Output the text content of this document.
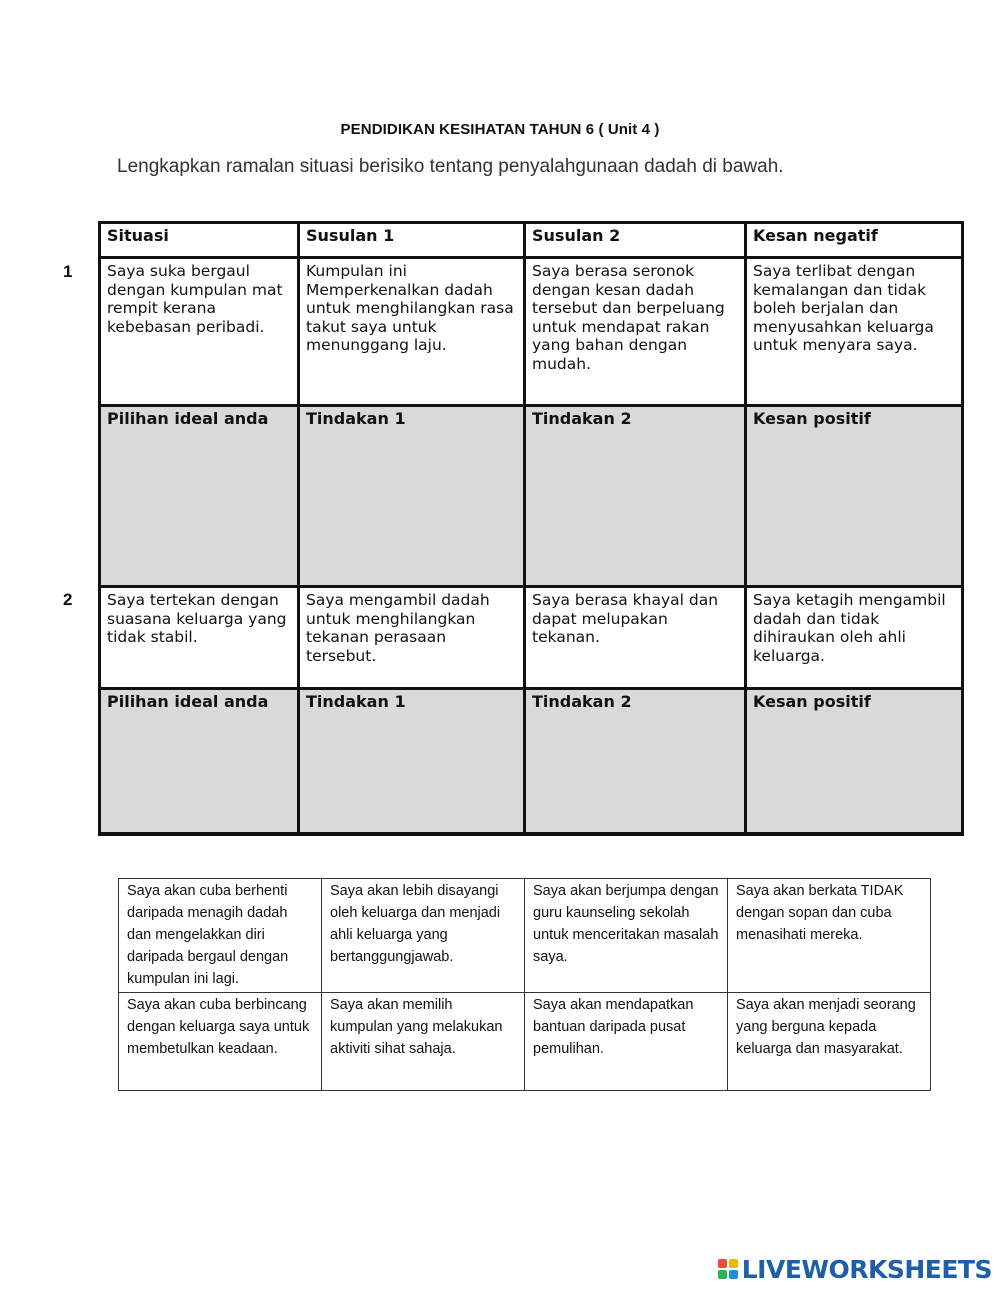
PENDIDIKAN KESIHATAN TAHUN 6 ( Unit 4 )
Lengkapkan ramalan situasi berisiko tentang penyalahgunaan dadah di bawah.
1
2
Situasi	Susulan 1	Susulan 2	Kesan negatif
Saya suka bergaul dengan kumpulan mat rempit kerana kebebasan peribadi.	Kumpulan ini Memperkenalkan dadah untuk menghilangkan rasa takut saya untuk menunggang laju.	Saya berasa seronok dengan kesan dadah tersebut dan berpeluang untuk mendapat rakan yang bahan dengan mudah.	Saya terlibat dengan kemalangan dan tidak boleh berjalan dan menyusahkan keluarga untuk menyara saya.
Pilihan ideal anda	Tindakan 1	Tindakan 2	Kesan positif
Saya tertekan dengan suasana keluarga yang tidak stabil.	Saya mengambil dadah untuk menghilangkan tekanan perasaan tersebut.	Saya berasa khayal dan dapat melupakan tekanan.	Saya ketagih mengambil dadah dan tidak dihiraukan oleh ahli keluarga.
Pilihan ideal anda	Tindakan 1	Tindakan 2	Kesan positif
Saya akan cuba berhenti daripada menagih dadah dan mengelakkan diri daripada bergaul dengan kumpulan ini lagi.	Saya akan lebih disayangi oleh keluarga dan menjadi ahli keluarga yang bertanggungjawab.	Saya akan berjumpa dengan guru kaunseling sekolah untuk menceritakan masalah saya.	Saya akan berkata TIDAK dengan sopan dan cuba menasihati mereka.
Saya akan cuba berbincang dengan keluarga saya untuk membetulkan keadaan.	Saya akan memilih kumpulan yang melakukan aktiviti sihat sahaja.	Saya akan mendapatkan bantuan daripada pusat pemulihan.	Saya akan menjadi seorang yang berguna kepada keluarga dan masyarakat.
LIVEWORKSHEETS
